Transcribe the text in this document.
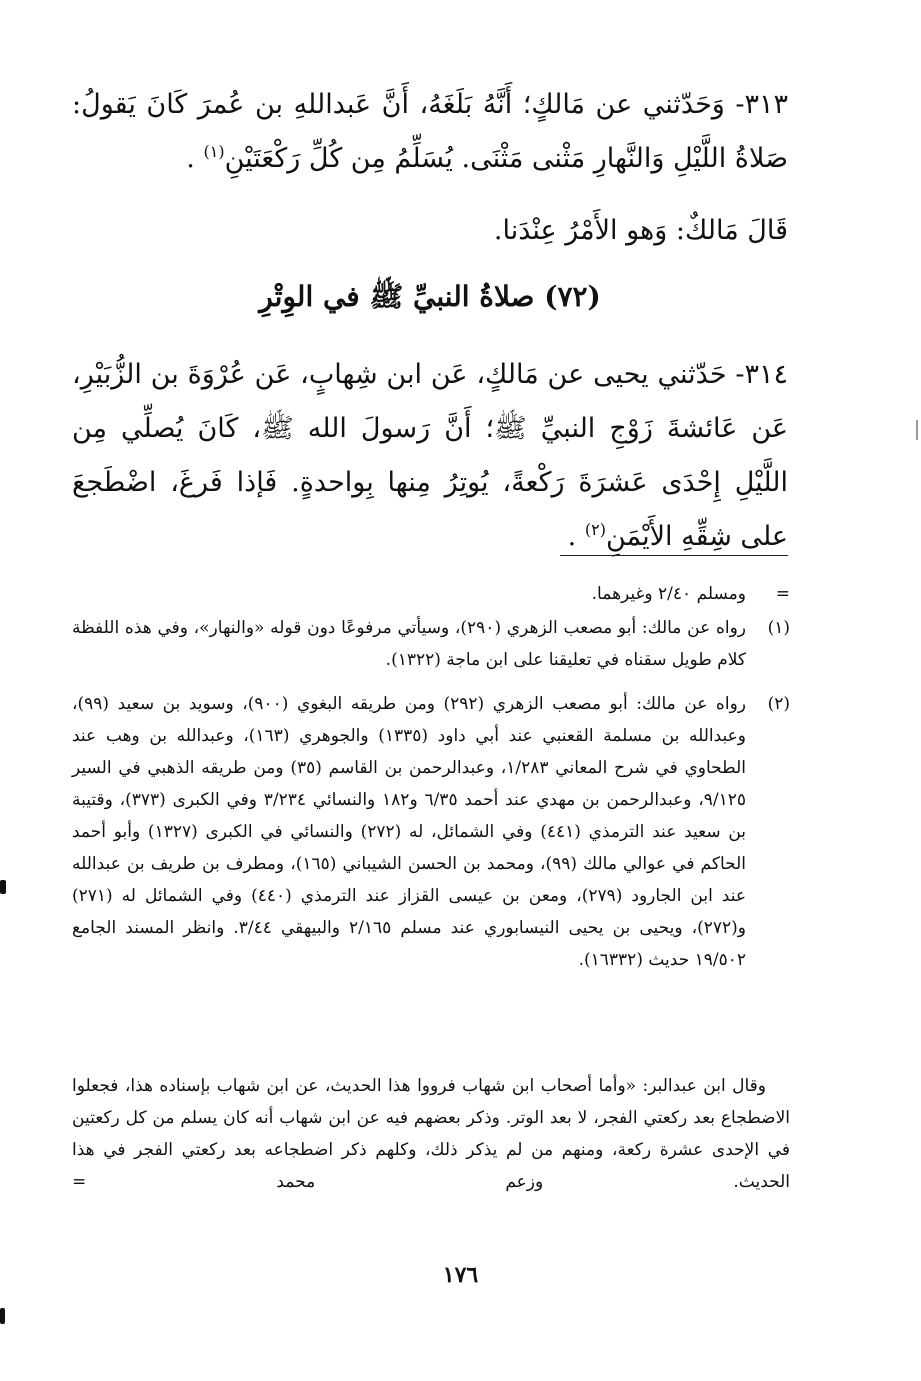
٣١٣- وَحَدّثني عن مَالكٍ؛ أَنَّهُ بَلَغَهُ، أَنَّ عَبداللهِ بن عُمرَ كَانَ يَقولُ: صَلاةُ اللَّيْلِ وَالنَّهارِ مَثْنى مَثْنَى. يُسَلِّمُ مِن كُلِّ رَكْعَتَيْنِ$^{(١)}$ .
قَالَ مَالكٌ: وَهو الأَمْرُ عِنْدَنا.
(٧٢) صلاةُ النبيِّ ﷺ في الوِتْرِ
٣١٤- حَدّثني يحيى عن مَالكٍ، عَن ابن شِهابٍ، عَن عُرْوَةَ بن الزُّبَيْرِ، عَن عَائشةَ زَوْجِ النبيِّ ﷺ؛ أَنَّ رَسولَ الله ﷺ، كَانَ يُصلِّي مِن اللَّيْلِ إِحْدَى عَشرَةَ رَكْعةً، يُوتِرُ مِنها بِواحدةٍ. فَإذا فَرغَ، اضْطَجعَ على شِقِّهِ الأَيْمَنِ$^{(٢)}$ .
=
ومسلم ٢/٤٠ وغيرهما.
(١)
رواه عن مالك: أبو مصعب الزهري (٢٩٠)، وسيأتي مرفوعًا دون قوله «والنهار»، وفي هذه اللفظة كلام طويل سقناه في تعليقنا على ابن ماجة (١٣٢٢).
(٢)
رواه عن مالك: أبو مصعب الزهري (٢٩٢) ومن طريقه البغوي (٩٠٠)، وسويد بن سعيد (٩٩)، وعبدالله بن مسلمة القعنبي عند أبي داود (١٣٣٥) والجوهري (١٦٣)، وعبدالله بن وهب عند الطحاوي في شرح المعاني ١/٢٨٣، وعبدالرحمن بن القاسم (٣٥) ومن طريقه الذهبي في السير ٩/١٢٥، وعبدالرحمن بن مهدي عند أحمد ٦/٣٥ و١٨٢ والنسائي ٣/٢٣٤ وفي الكبرى (٣٧٣)، وقتيبة بن سعيد عند الترمذي (٤٤١) وفي الشمائل، له (٢٧٢) والنسائي في الكبرى (١٣٢٧) وأبو أحمد الحاكم في عوالي مالك (٩٩)، ومحمد بن الحسن الشيباني (١٦٥)، ومطرف بن طريف بن عبدالله عند ابن الجارود (٢٧٩)، ومعن بن عيسى القزاز عند الترمذي (٤٤٠) وفي الشمائل له (٢٧١) و(٢٧٢)، ويحيى بن يحيى النيسابوري عند مسلم ٢/١٦٥ والبيهقي ٣/٤٤. وانظر المسند الجامع ١٩/٥٠٢ حديث (١٦٣٣٢).
وقال ابن عبدالبر: «وأما أصحاب ابن شهاب فرووا هذا الحديث، عن ابن شهاب بإسناده هذا، فجعلوا الاضطجاع بعد ركعتي الفجر، لا بعد الوتر. وذكر بعضهم فيه عن ابن شهاب أنه كان يسلم من كل ركعتين في الإحدى عشرة ركعة، ومنهم من لم يذكر ذلك، وكلهم ذكر اضطجاعه بعد ركعتي الفجر في هذا الحديث. وزعم محمد =
١٧٦
